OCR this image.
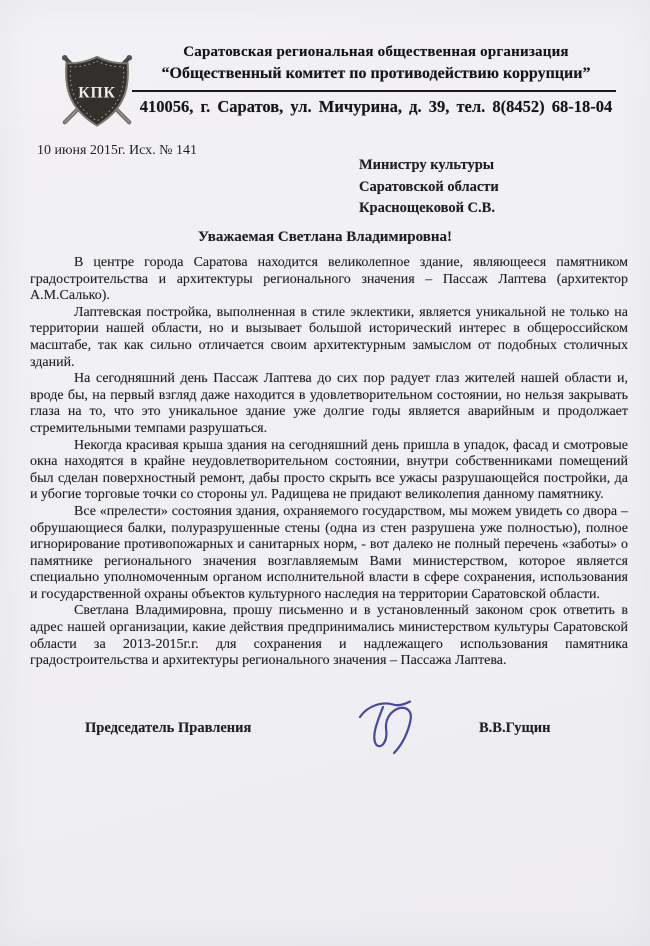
КПК
Саратовская региональная общественная организация
“Общественный комитет по противодействию коррупции”
410056, г. Саратов, ул. Мичурина, д. 39, тел. 8(8452) 68-18-04
10 июня 2015г. Исх. № 141
Министру культуры
Саратовской области
Краснощековой С.В.
Уважаемая Светлана Владимировна!

В центре города Саратова находится великолепное здание, являющееся памятником градостроительства и архитектуры регионального значения – Пассаж Лаптева (архитектор А.М.Салько).

Лаптевская постройка, выполненная в стиле эклектики, является уникальной не только на территории нашей области, но и вызывает большой исторический интерес в общероссийском масштабе, так как сильно отличается своим архитектурным замыслом от подобных столичных зданий.

На сегодняшний день Пассаж Лаптева до сих пор радует глаз жителей нашей области и, вроде бы, на первый взгляд даже находится в удовлетворительном состоянии, но нельзя закрывать глаза на то, что это уникальное здание уже долгие годы является аварийным и продолжает стремительными темпами разрушаться.

Некогда красивая крыша здания на сегодняшний день пришла в упадок, фасад и смотровые окна находятся в крайне неудовлетворительном состоянии, внутри собственниками помещений был сделан поверхностный ремонт, дабы просто скрыть все ужасы разрушающейся постройки, да и убогие торговые точки со стороны ул. Радищева не придают великолепия данному памятнику.

Все «прелести» состояния здания, охраняемого государством, мы можем увидеть со двора – обрушающиеся балки, полуразрушенные стены (одна из стен разрушена уже полностью), полное игнорирование противопожарных и санитарных норм, - вот далеко не полный перечень «заботы» о памятнике регионального значения возглавляемым Вами министерством, которое является специально уполномоченным органом исполнительной власти в сфере сохранения, использования и государственной охраны объектов культурного наследия на территории Саратовской области.

Светлана Владимировна, прошу письменно и в установленный законом срок ответить в адрес нашей организации, какие действия предпринимались министерством культуры Саратовской области за 2013-2015г.г. для сохранения и надлежащего использования памятника градостроительства и архитектуры регионального значения – Пассажа Лаптева.

Председатель Правления	В.В.Гущин
